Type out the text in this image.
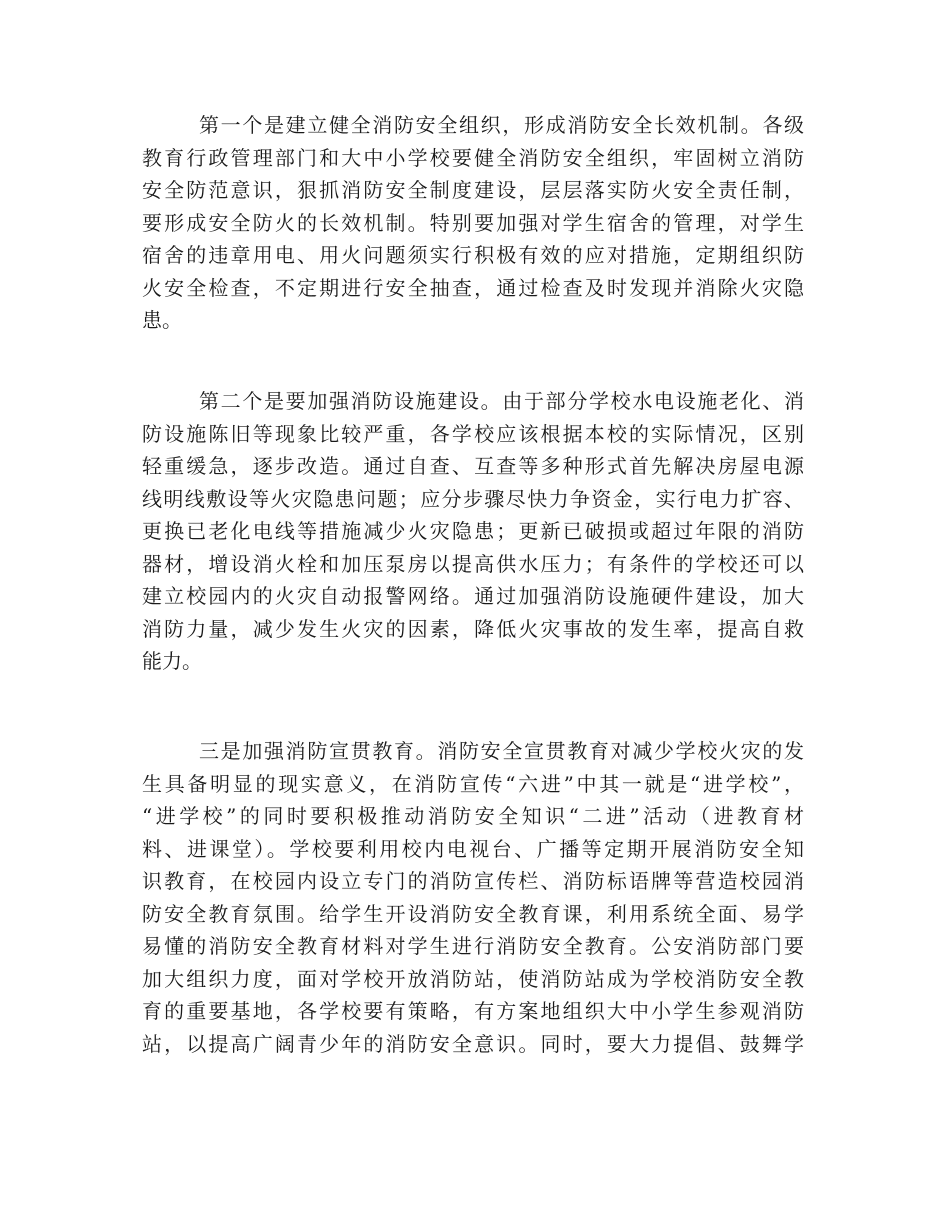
第一个是建立健全消防安全组织，形成消防安全长效机制。各级
教育行政管理部门和大中小学校要健全消防安全组织，牢固树立消防
安全防范意识，狠抓消防安全制度建设，层层落实防火安全责任制，
要形成安全防火的长效机制。特别要加强对学生宿舍的管理，对学生
宿舍的违章用电、用火问题须实行积极有效的应对措施，定期组织防
火安全检查，不定期进行安全抽查，通过检查及时发现并消除火灾隐
患。
第二个是要加强消防设施建设。由于部分学校水电设施老化、消
防设施陈旧等现象比较严重，各学校应该根据本校的实际情况，区别
轻重缓急，逐步改造。通过自查、互查等多种形式首先解决房屋电源
线明线敷设等火灾隐患问题；应分步骤尽快力争资金，实行电力扩容、
更换已老化电线等措施减少火灾隐患；更新已破损或超过年限的消防
器材，增设消火栓和加压泵房以提高供水压力；有条件的学校还可以
建立校园内的火灾自动报警网络。通过加强消防设施硬件建设，加大
消防力量，减少发生火灾的因素，降低火灾事故的发生率，提高自救
能力。
三是加强消防宣贯教育。消防安全宣贯教育对减少学校火灾的发
生具备明显的现实意义，在消防宣传“六进”中其一就是“进学校”，
“进学校”的同时要积极推动消防安全知识“二进”活动（进教育材
料、进课堂）。学校要利用校内电视台、广播等定期开展消防安全知
识教育，在校园内设立专门的消防宣传栏、消防标语牌等营造校园消
防安全教育氛围。给学生开设消防安全教育课，利用系统全面、易学
易懂的消防安全教育材料对学生进行消防安全教育。公安消防部门要
加大组织力度，面对学校开放消防站，使消防站成为学校消防安全教
育的重要基地，各学校要有策略，有方案地组织大中小学生参观消防
站，以提高广阔青少年的消防安全意识。同时，要大力提倡、鼓舞学
